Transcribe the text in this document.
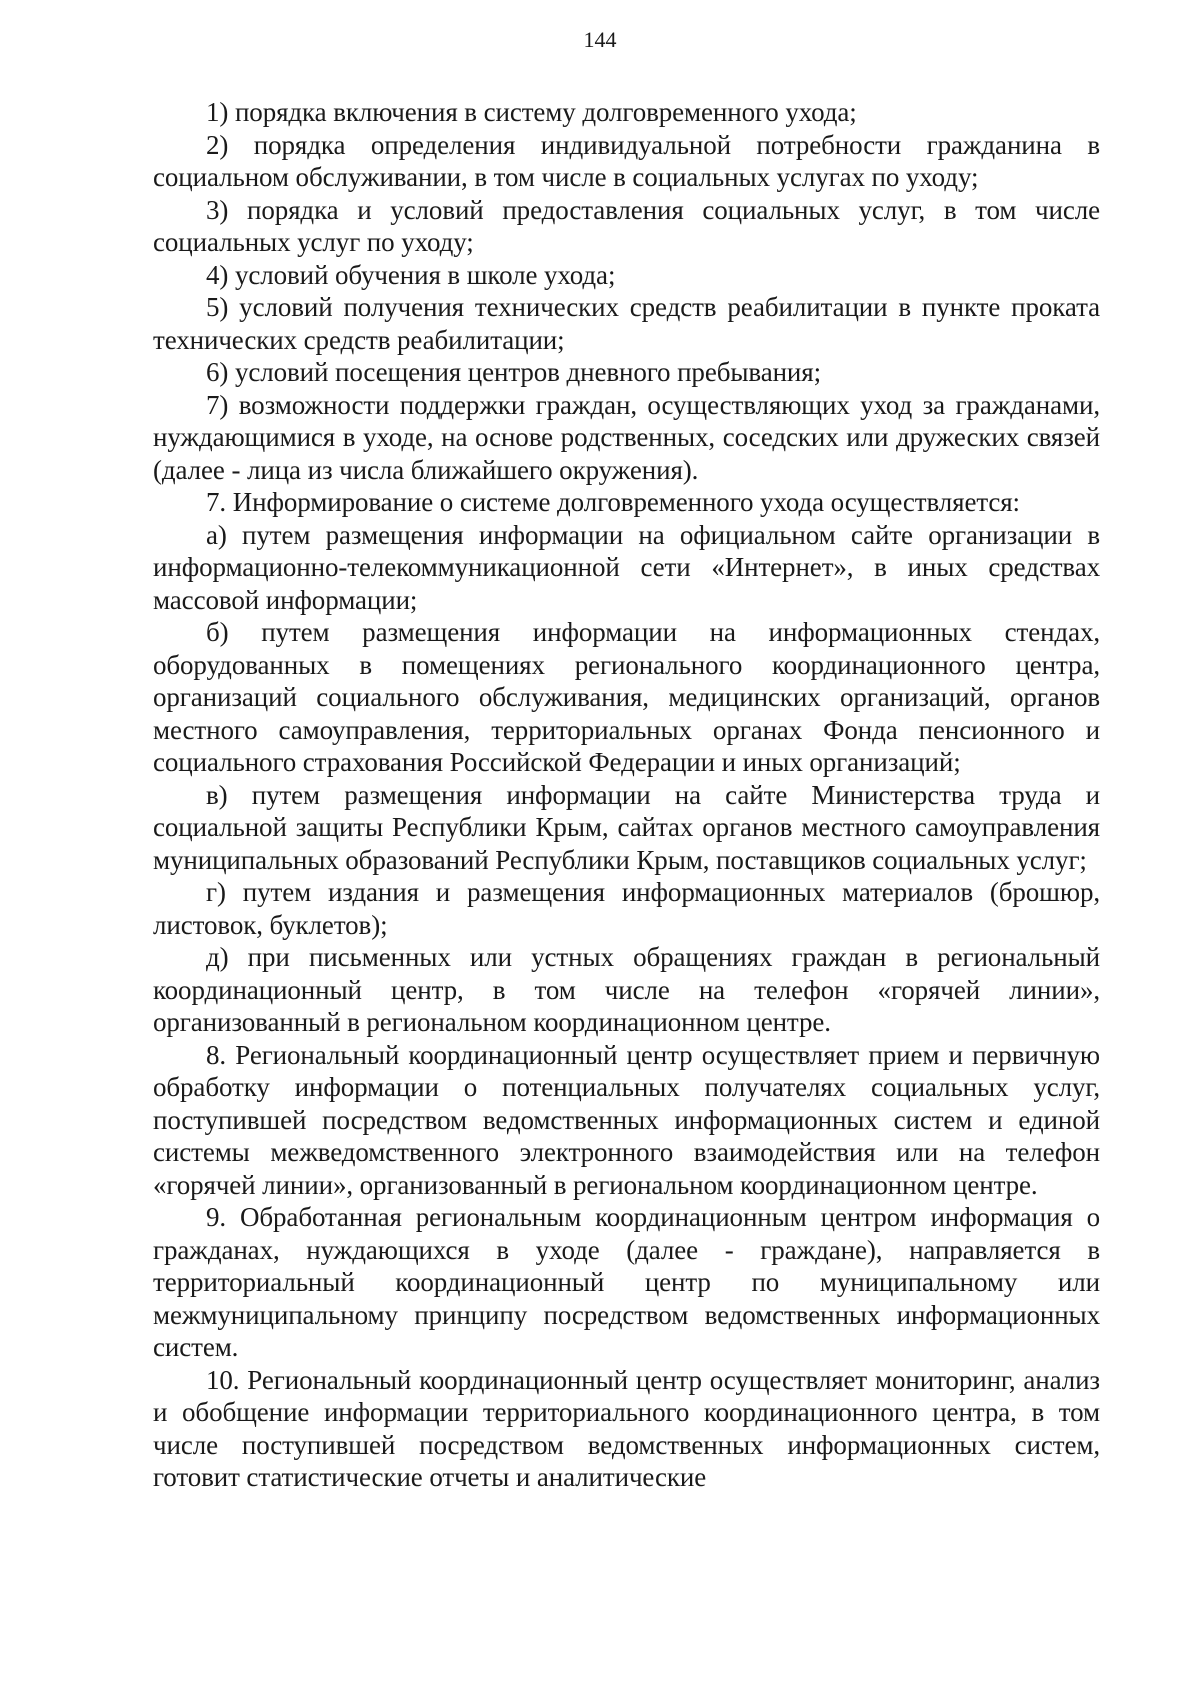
144

1) порядка включения в систему долговременного ухода;

2) порядка определения индивидуальной потребности гражданина в социальном обслуживании, в том числе в социальных услугах по уходу;

3) порядка и условий предоставления социальных услуг, в том числе социальных услуг по уходу;

4) условий обучения в школе ухода;

5) условий получения технических средств реабилитации в пункте проката технических средств реабилитации;

6) условий посещения центров дневного пребывания;

7) возможности поддержки граждан, осуществляющих уход за гражданами, нуждающимися в уходе, на основе родственных, соседских или дружеских связей (далее - лица из числа ближайшего окружения).

7. Информирование о системе долговременного ухода осуществляется:

а) путем размещения информации на официальном сайте организации в информационно-телекоммуникационной сети «Интернет», в иных средствах массовой информации;

б) путем размещения информации на информационных стендах, оборудованных в помещениях регионального координационного центра, организаций социального обслуживания, медицинских организаций, органов местного самоуправления, территориальных органах Фонда пенсионного и социального страхования Российской Федерации и иных организаций;

в) путем размещения информации на сайте Министерства труда и социальной защиты Республики Крым, сайтах органов местного самоуправления муниципальных образований Республики Крым, поставщиков социальных услуг;

г) путем издания и размещения информационных материалов (брошюр, листовок, буклетов);

д) при письменных или устных обращениях граждан в региональный координационный центр, в том числе на телефон «горячей линии», организованный в региональном координационном центре.

8. Региональный координационный центр осуществляет прием и первичную обработку информации о потенциальных получателях социальных услуг, поступившей посредством ведомственных информационных систем и единой системы межведомственного электронного взаимодействия или на телефон «горячей линии», организованный в региональном координационном центре.

9. Обработанная региональным координационным центром информация о гражданах, нуждающихся в уходе (далее - граждане), направляется в территориальный координационный центр по муниципальному или межмуниципальному принципу посредством ведомственных информационных систем.

10. Региональный координационный центр осуществляет мониторинг, анализ и обобщение информации территориального координационного центра, в том числе поступившей посредством ведомственных информационных систем, готовит статистические отчеты и аналитические
